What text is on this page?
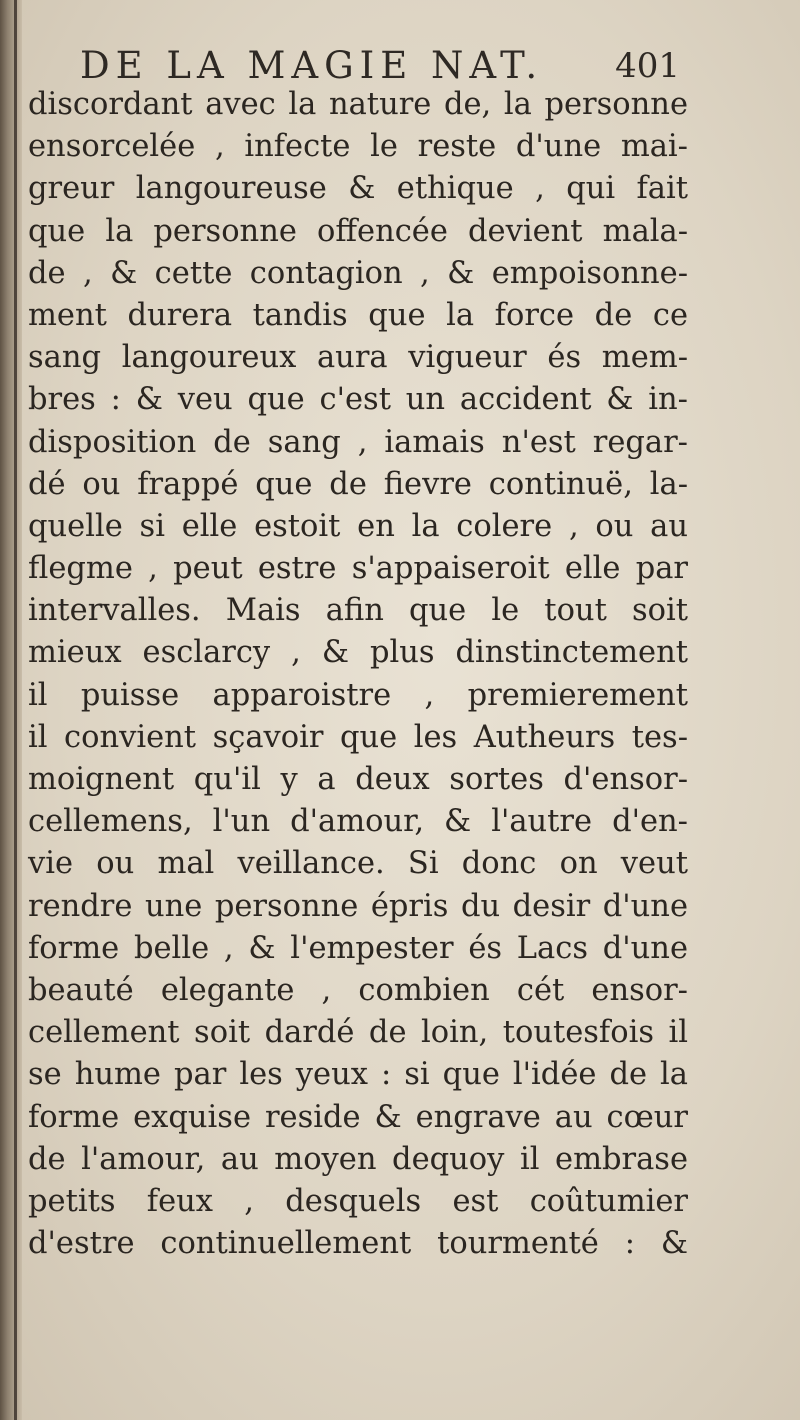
DE LA MAGIE NAT. 401
discordant avec la nature de, la personne
ensorcelée , infecte le reste d'une mai-
greur langoureuse & ethique , qui fait
que la personne offencée devient mala-
de , & cette contagion , & empoisonne-
ment durera tandis que la force de ce
sang langoureux aura vigueur és mem-
bres : & veu que c'est un accident & in-
disposition de sang , iamais n'est regar-
dé ou frappé que de fievre continuë, la-
quelle si elle estoit en la colere , ou au
flegme , peut estre s'appaiseroit elle par
intervalles. Mais afin que le tout soit
mieux esclarcy , & plus dinstinctement
il puisse apparoistre , premierement
il convient sçavoir que les Autheurs tes-
moignent qu'il y a deux sortes d'ensor-
cellemens, l'un d'amour, & l'autre d'en-
vie ou mal veillance. Si donc on veut
rendre une personne épris du desir d'une
forme belle , & l'empester és Lacs d'une
beauté elegante , combien cét ensor-
cellement soit dardé de loin, toutesfois il
se hume par les yeux : si que l'idée de la
forme exquise reside & engrave au cœur
de l'amour, au moyen dequoy il embrase
petits feux , desquels est coûtumier
d'estre continuellement tourmenté : &
